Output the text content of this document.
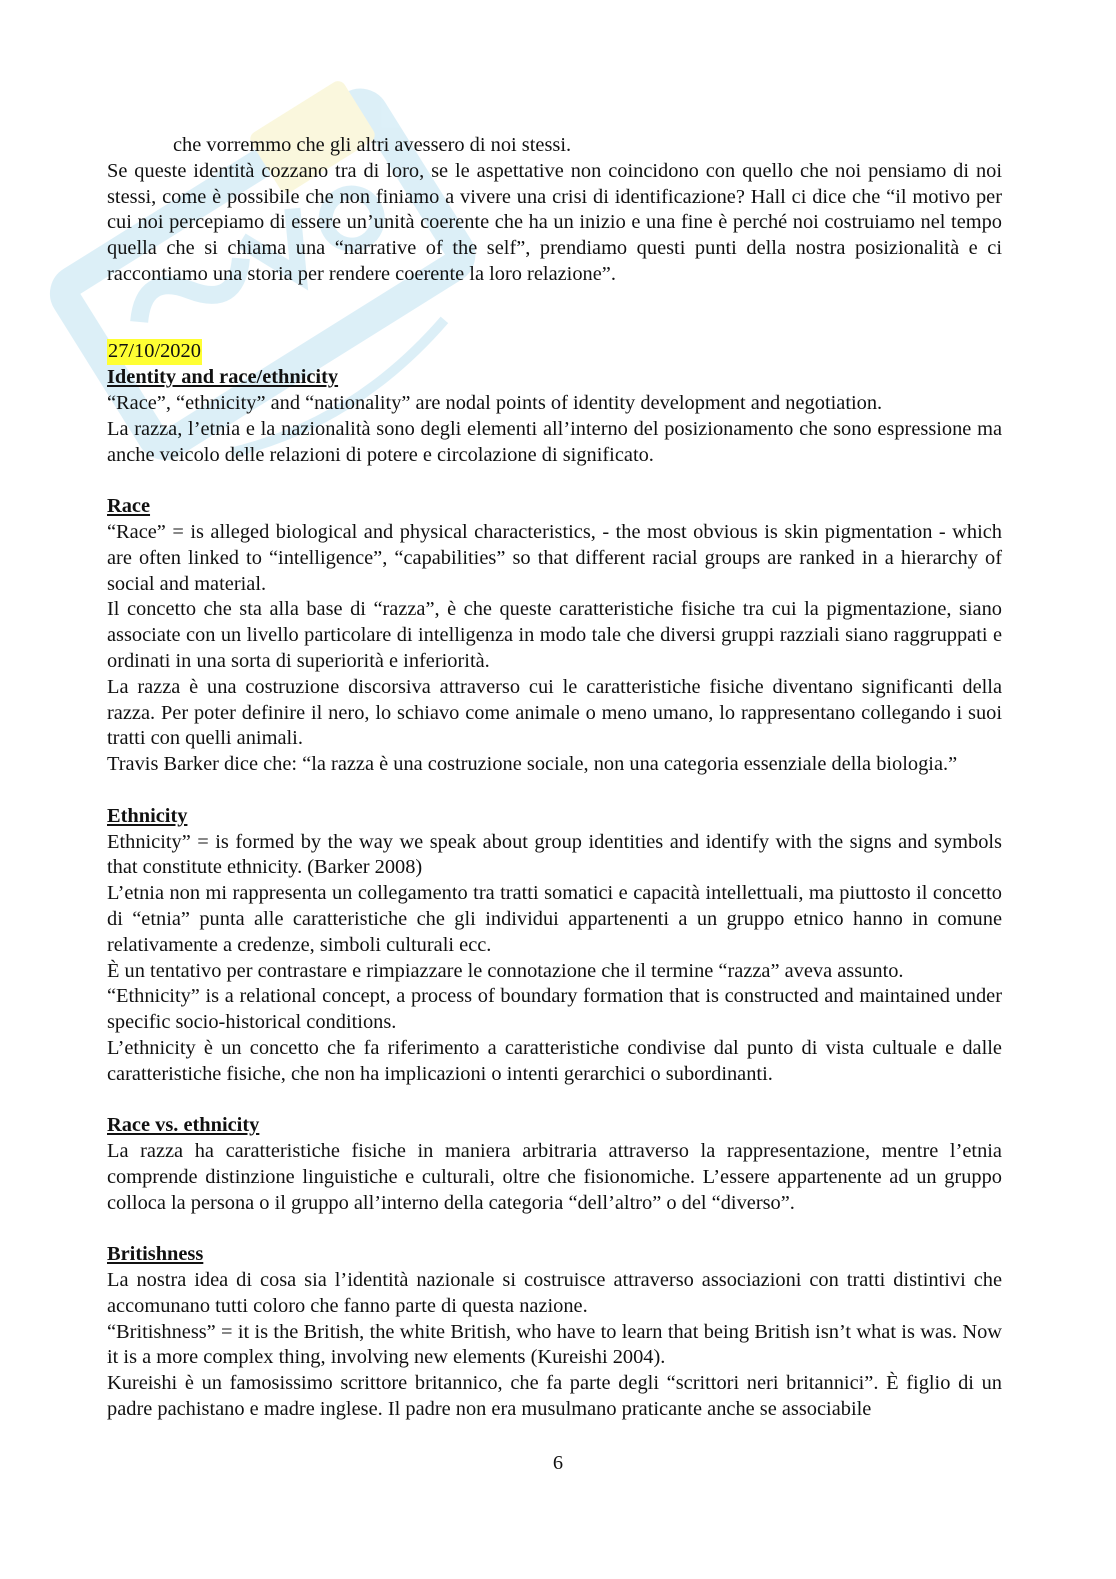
che vorremmo che gli altri avessero di noi stessi.

Se queste identità cozzano tra di loro, se le aspettative non coincidono con quello che noi pensiamo di noi stessi, come è possibile che non finiamo a vivere una crisi di identificazione? Hall ci dice che “il motivo per cui noi percepiamo di essere un’unità coerente che ha un inizio e una fine è perché noi costruiamo nel tempo quella che si chiama una “narrative of the self”, prendiamo questi punti della nostra posizionalità e ci raccontiamo una storia per rendere coerente la loro relazione”.

27/10/2020

Identity and race/ethnicity

“Race”, “ethnicity” and “nationality” are nodal points of identity development and negotiation.

La razza, l’etnia e la nazionalità sono degli elementi all’interno del posizionamento che sono espressione ma anche veicolo delle relazioni di potere e circolazione di significato.

Race

“Race” = is alleged biological and physical characteristics, - the most obvious is skin pigmentation - which are often linked to “intelligence”, “capabilities” so that different racial groups are ranked in a hierarchy of social and material.

Il concetto che sta alla base di “razza”, è che queste caratteristiche fisiche tra cui la pigmentazione, siano associate con un livello particolare di intelligenza in modo tale che diversi gruppi razziali siano raggruppati e ordinati in una sorta di superiorità e inferiorità.

La razza è una costruzione discorsiva attraverso cui le caratteristiche fisiche diventano significanti della razza. Per poter definire il nero, lo schiavo come animale o meno umano, lo rappresentano collegando i suoi tratti con quelli animali.

Travis Barker dice che: “la razza è una costruzione sociale, non una categoria essenziale della biologia.”

Ethnicity

Ethnicity” = is formed by the way we speak about group identities and identify with the signs and symbols that constitute ethnicity. (Barker 2008)

L’etnia non mi rappresenta un collegamento tra tratti somatici e capacità intellettuali, ma piuttosto il concetto di “etnia” punta alle caratteristiche che gli individui appartenenti a un gruppo etnico hanno in comune relativamente a credenze, simboli culturali ecc.

È un tentativo per contrastare e rimpiazzare le connotazione che il termine “razza” aveva assunto.

“Ethnicity” is a relational concept, a process of boundary formation that is constructed and maintained under specific socio-historical conditions.

L’ethnicity è un concetto che fa riferimento a caratteristiche condivise dal punto di vista cultuale e dalle caratteristiche fisiche, che non ha implicazioni o intenti gerarchici o subordinanti.

Race vs. ethnicity

La razza ha caratteristiche fisiche in maniera arbitraria attraverso la rappresentazione, mentre l’etnia comprende distinzione linguistiche e culturali, oltre che fisionomiche. L’essere appartenente ad un gruppo colloca la persona o il gruppo all’interno della categoria “dell’altro” o del “diverso”.

Britishness

La nostra idea di cosa sia l’identità nazionale si costruisce attraverso associazioni con tratti distintivi che accomunano tutti coloro che fanno parte di questa nazione.

“Britishness” = it is the British, the white British, who have to learn that being British isn’t what is was. Now it is a more complex thing, involving new elements (Kureishi 2004).

Kureishi è un famosissimo scrittore britannico, che fa parte degli “scrittori neri britannici”. È figlio di un padre pachistano e madre inglese. Il padre non era musulmano praticante anche se associabile

6
